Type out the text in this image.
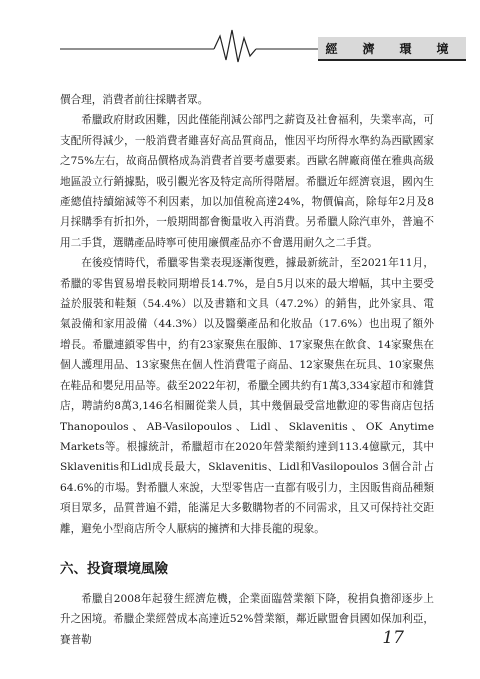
經 濟 環 境

價合理，消費者前往採購者眾。

希臘政府財政困難，因此僅能削減公部門之薪資及社會福利，失業率高，可支配所得減少，一般消費者雖喜好高品質商品，惟因平均所得水準約為西歐國家之75%左右，故商品價格成為消費者首要考慮要素。西歐名牌廠商僅在雅典高級地區設立行銷據點，吸引觀光客及特定高所得階層。希臘近年經濟衰退，國內生產總值持續縮減等不利因素，加以加值稅高達24%，物價偏高，除每年2月及8月採購季有折扣外，一般期間都會衡量收入再消費。另希臘人除汽車外，普遍不用二手貨，選購產品時寧可使用廉價產品亦不會選用耐久之二手貨。

在後疫情時代，希臘零售業表現逐漸復甦，據最新統計，至2021年11月，希臘的零售貿易增長較同期增長14.7%，是自5月以來的最大增幅，其中主要受益於服裝和鞋類（54.4%）以及書籍和文具（47.2%）的銷售，此外家具、電氣設備和家用設備（44.3%）以及醫藥產品和化妝品（17.6%）也出現了額外增長。希臘連鎖零售中，約有23家聚焦在服飾、17家聚焦在飲食、14家聚焦在個人護理用品、13家聚焦在個人性消費電子商品、12家聚焦在玩具、10家聚焦在鞋品和嬰兒用品等。截至2022年初，希臘全國共約有1萬3,334家超市和雜貨店，聘請約8萬3,146名相關從業人員，其中幾個最受當地歡迎的零售商店包括Thanopoulos、AB-Vasilopoulos、Lidl、Sklavenitis、OK Anytime Markets等。根據統計，希臘超市在2020年營業額約達到113.4億歐元，其中Sklavenitis和Lidl成長最大，Sklavenitis、Lidl和Vasilopoulos 3個合計占64.6%的市場。對希臘人來說，大型零售店一直都有吸引力，主因販售商品種類項目眾多，品質普遍不錯，能滿足大多數購物者的不同需求，且又可保持社交距離，避免小型商店所令人厭病的擁擠和大排長龍的現象。

六、投資環境風險

希臘自2008年起發生經濟危機，企業面臨營業額下降，稅捐負擔卻逐步上升之困境。希臘企業經營成本高達近52%營業額，鄰近歐盟會員國如保加利亞，賽普勒	17
